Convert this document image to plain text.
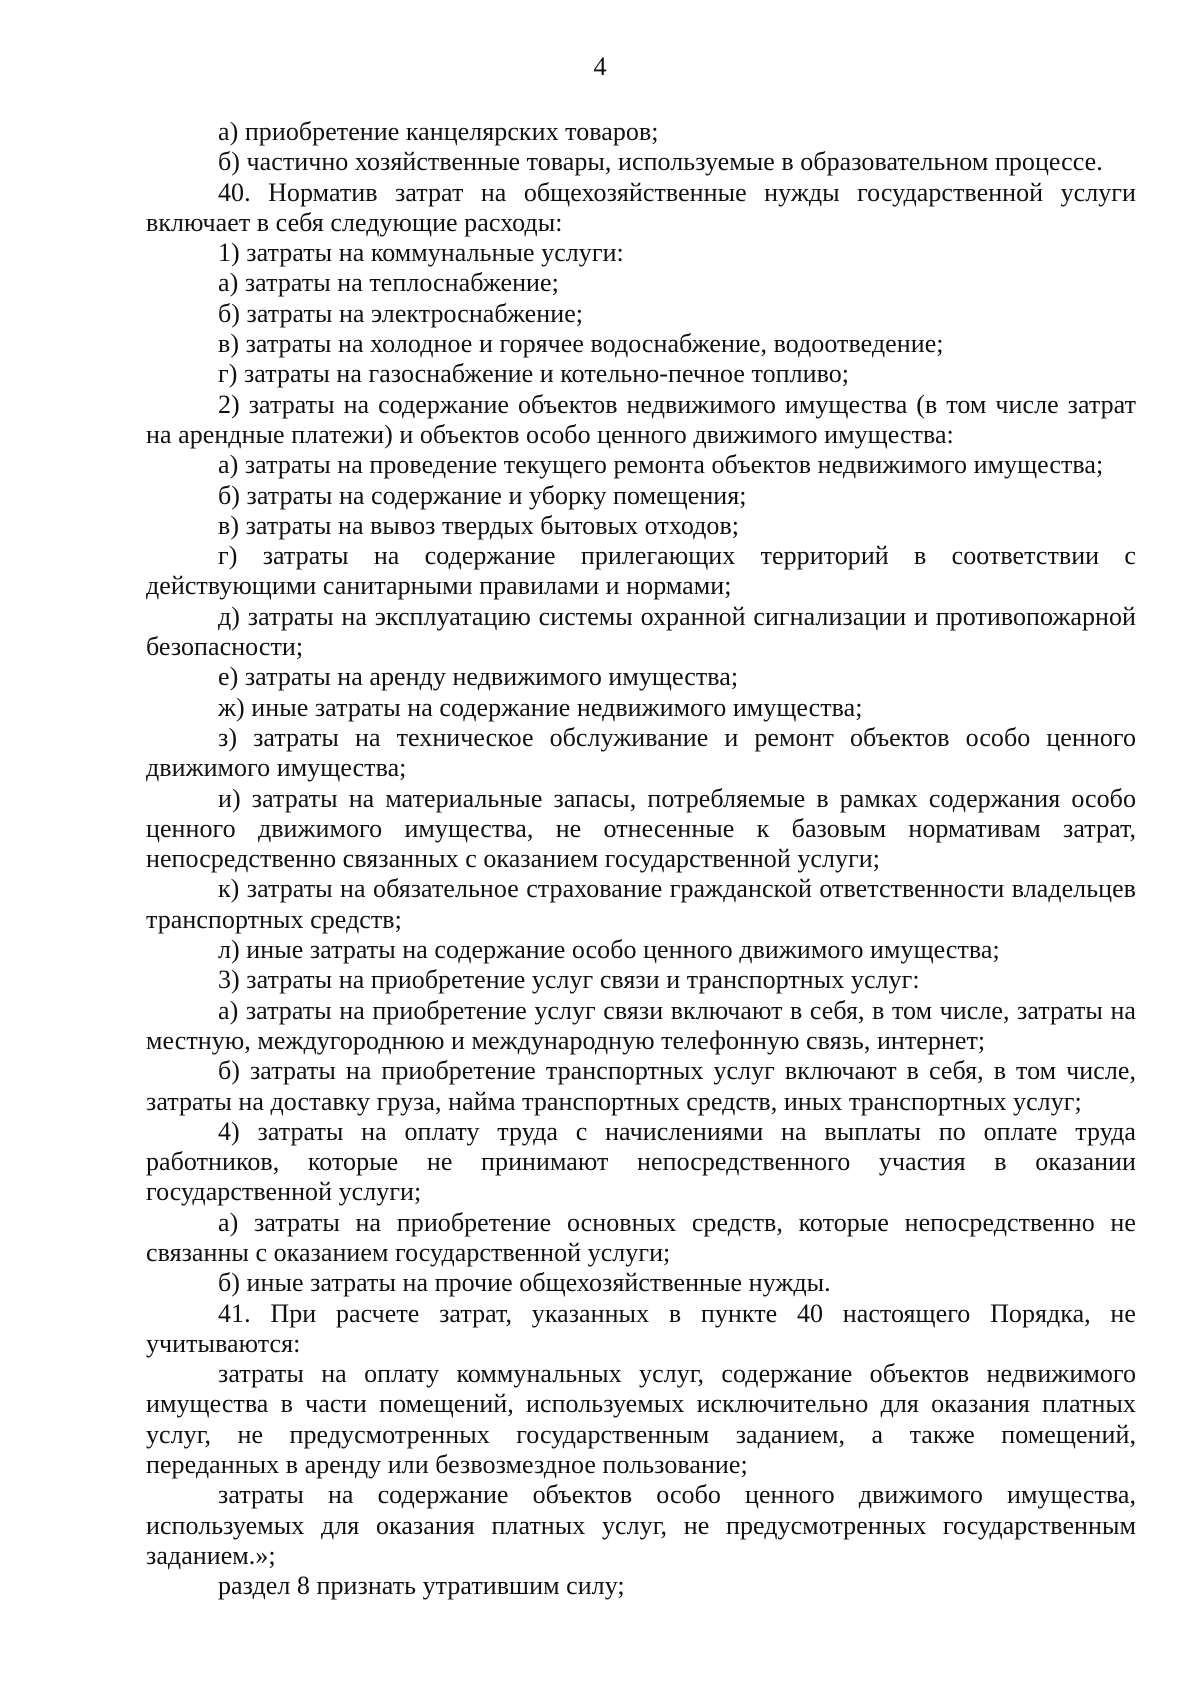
4

а) приобретение канцелярских товаров;

б) частично хозяйственные товары, используемые в образовательном процессе.

40. Норматив затрат на общехозяйственные нужды государственной услуги включает в себя следующие расходы:

1) затраты на коммунальные услуги:

а) затраты на теплоснабжение;

б) затраты на электроснабжение;

в) затраты на холодное и горячее водоснабжение, водоотведение;

г) затраты на газоснабжение и котельно-печное топливо;

2) затраты на содержание объектов недвижимого имущества (в том числе затрат на арендные платежи) и объектов особо ценного движимого имущества:

а) затраты на проведение текущего ремонта объектов недвижимого имущества;

б) затраты на содержание и уборку помещения;

в) затраты на вывоз твердых бытовых отходов;

г) затраты на содержание прилегающих территорий в соответствии с действующими санитарными правилами и нормами;

д) затраты на эксплуатацию системы охранной сигнализации и противопожарной безопасности;

е) затраты на аренду недвижимого имущества;

ж) иные затраты на содержание недвижимого имущества;

з) затраты на техническое обслуживание и ремонт объектов особо ценного движимого имущества;

и) затраты на материальные запасы, потребляемые в рамках содержания особо ценного движимого имущества, не отнесенные к базовым нормативам затрат, непосредственно связанных с оказанием государственной услуги;

к) затраты на обязательное страхование гражданской ответственности владельцев транспортных средств;

л) иные затраты на содержание особо ценного движимого имущества;

3) затраты на приобретение услуг связи и транспортных услуг:

а) затраты на приобретение услуг связи включают в себя, в том числе, затраты на местную, междугороднюю и международную телефонную связь, интернет;

б) затраты на приобретение транспортных услуг включают в себя, в том числе, затраты на доставку груза, найма транспортных средств, иных транспортных услуг;

4) затраты на оплату труда с начислениями на выплаты по оплате труда работников, которые не принимают непосредственного участия в оказании государственной услуги;

а) затраты на приобретение основных средств, которые непосредственно не связанны с оказанием государственной услуги;

б) иные затраты на прочие общехозяйственные нужды.

41. При расчете затрат, указанных в пункте 40 настоящего Порядка, не учитываются:

затраты на оплату коммунальных услуг, содержание объектов недвижимого имущества в части помещений, используемых исключительно для оказания платных услуг, не предусмотренных государственным заданием, а также помещений, переданных в аренду или безвозмездное пользование;

затраты на содержание объектов особо ценного движимого имущества, используемых для оказания платных услуг, не предусмотренных государственным заданием.»;

раздел 8 признать утратившим силу;
